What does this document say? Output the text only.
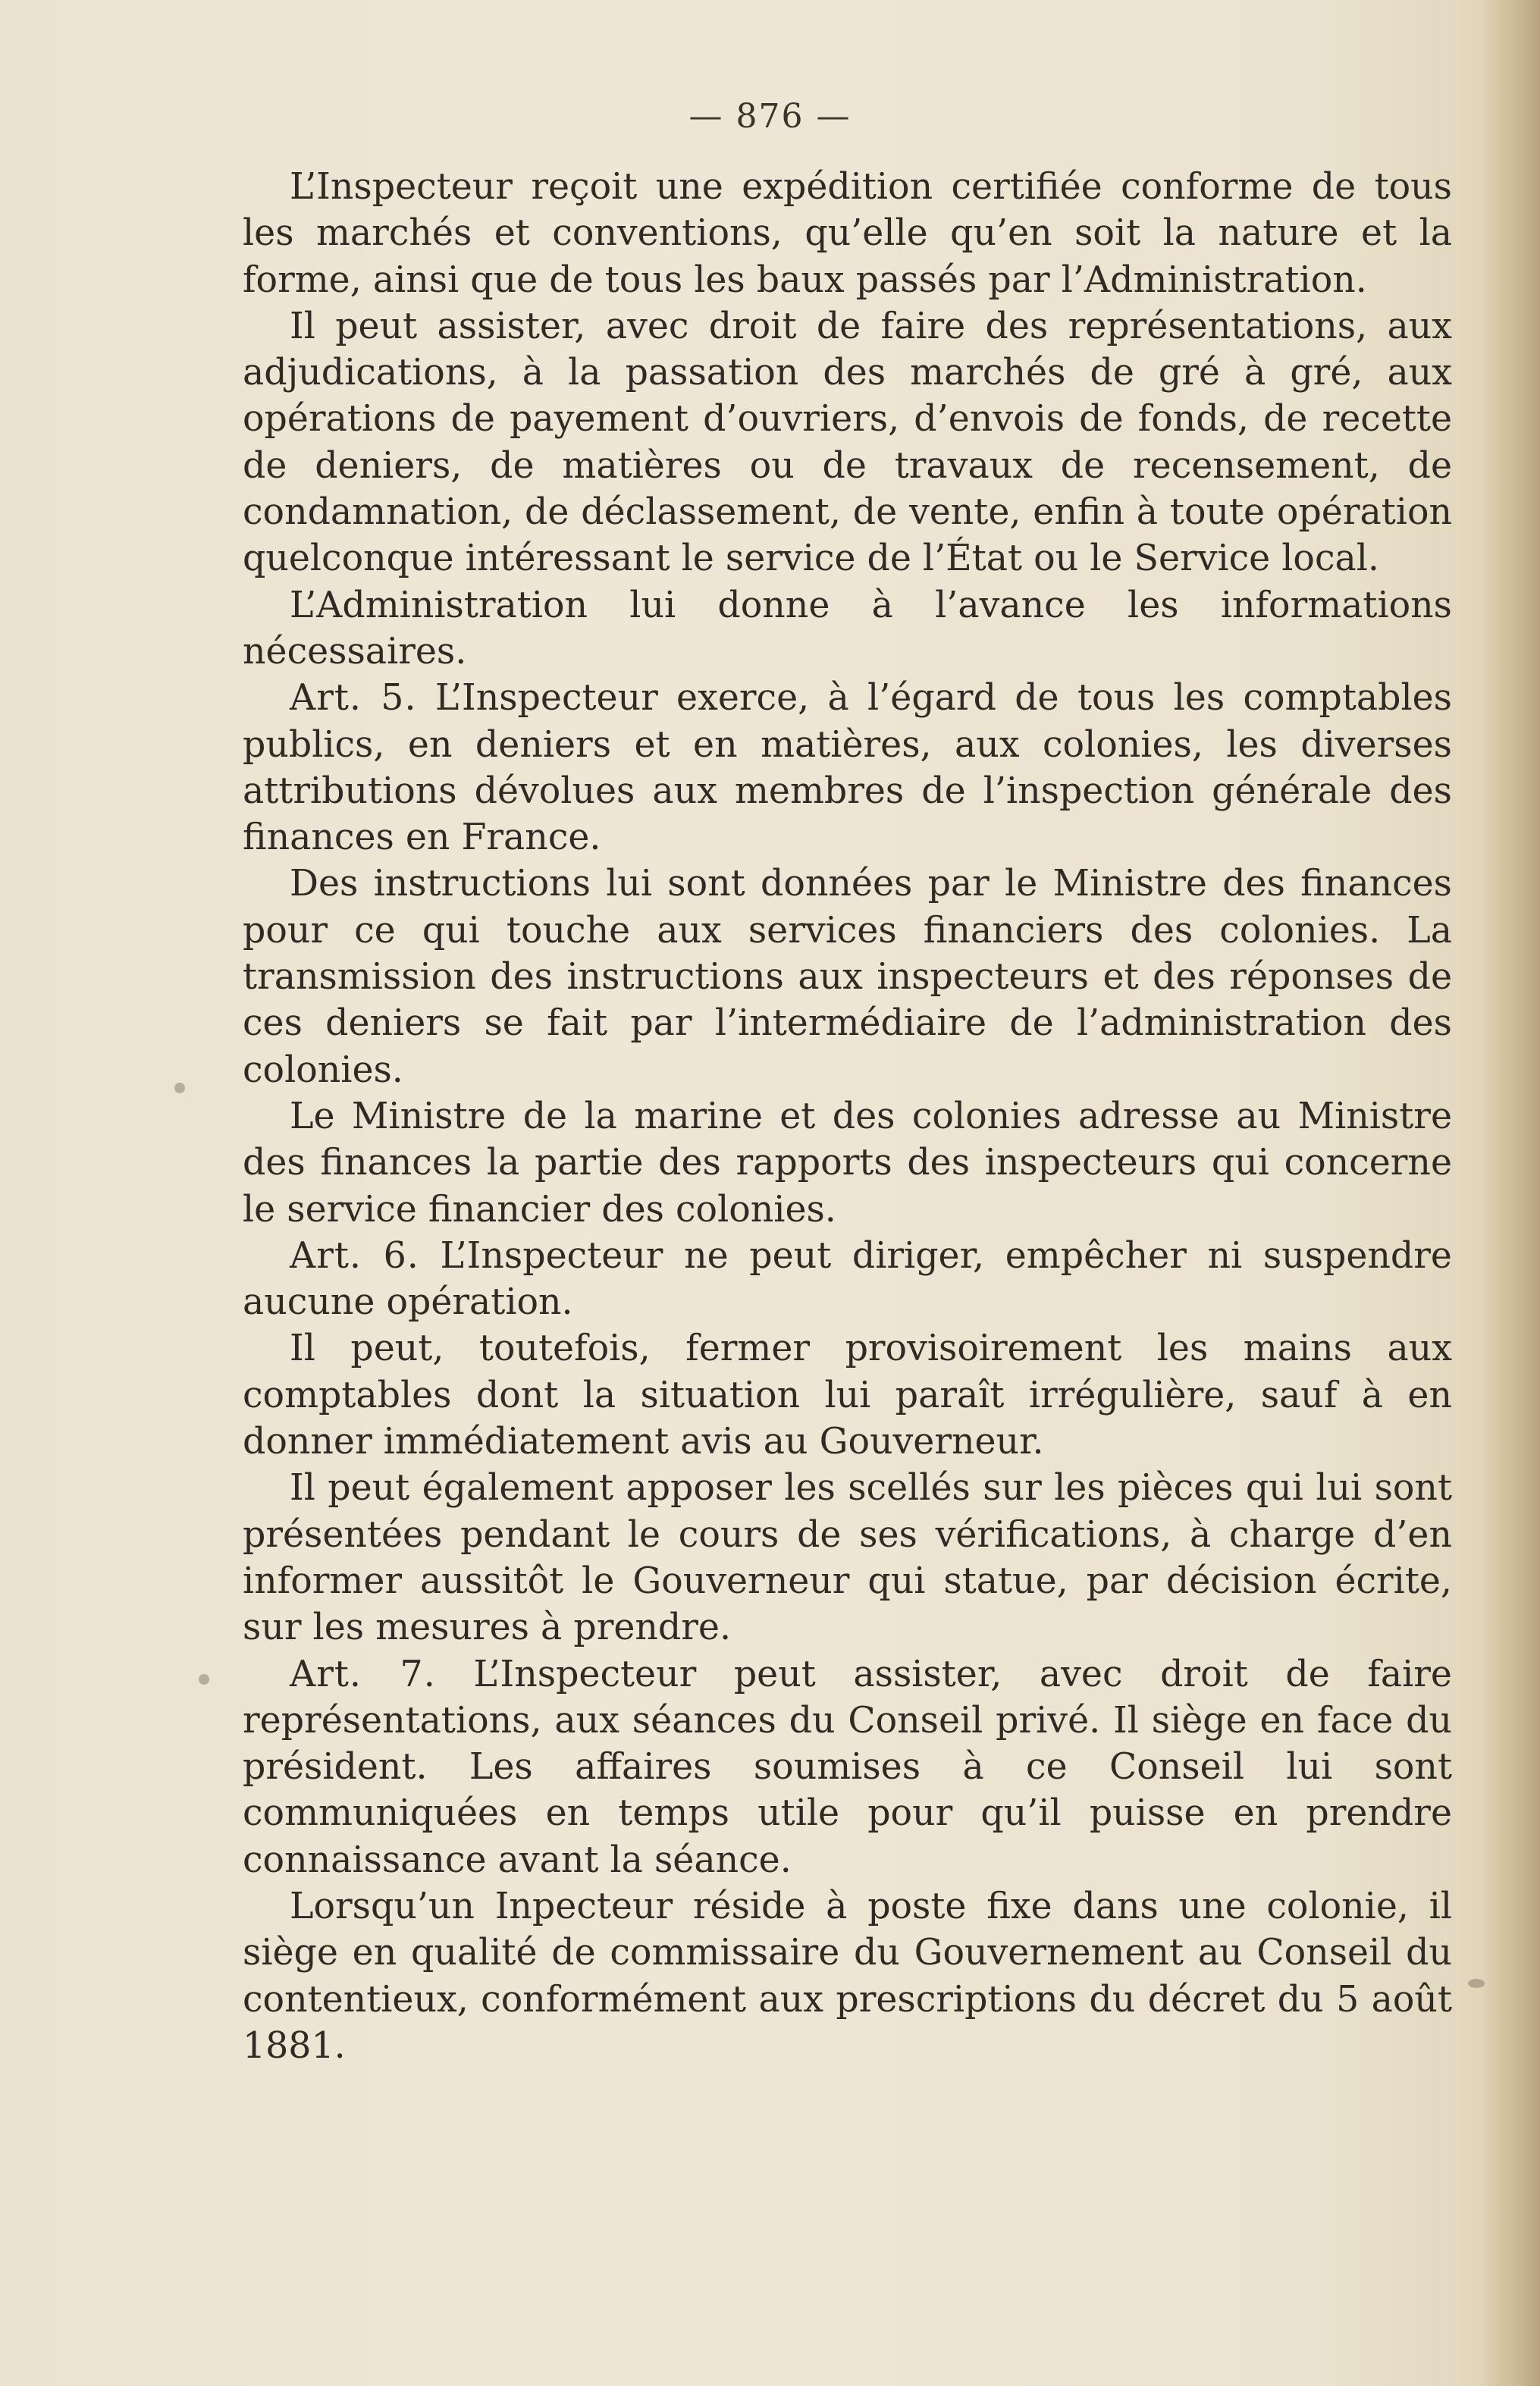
— 876 —

L’Inspecteur reçoit une expédition certifiée conforme de tous les marchés et conventions, qu’elle qu’en soit la nature et la forme, ainsi que de tous les baux passés par l’Administration.

Il peut assister, avec droit de faire des représentations, aux adjudications, à la passation des marchés de gré à gré, aux opérations de payement d’ouvriers, d’envois de fonds, de recette de deniers, de matières ou de travaux de recensement, de condamnation, de déclassement, de vente, enfin à toute opération quelconque intéressant le service de l’État ou le Service local.

L’Administration lui donne à l’avance les informations nécessaires.

Art. 5. L’Inspecteur exerce, à l’égard de tous les comptables publics, en deniers et en matières, aux colonies, les diverses attributions dévolues aux membres de l’inspection générale des finances en France.

Des instructions lui sont données par le Ministre des finances pour ce qui touche aux services financiers des colonies. La transmission des instructions aux inspecteurs et des réponses de ces deniers se fait par l’intermédiaire de l’administration des colonies.

Le Ministre de la marine et des colonies adresse au Ministre des finances la partie des rapports des inspecteurs qui concerne le service financier des colonies.

Art. 6. L’Inspecteur ne peut diriger, empêcher ni suspendre aucune opération.

Il peut, toutefois, fermer provisoirement les mains aux comptables dont la situation lui paraît irrégulière, sauf à en donner immédiatement avis au Gouverneur.

Il peut également apposer les scellés sur les pièces qui lui sont présentées pendant le cours de ses vérifications, à charge d’en informer aussitôt le Gouverneur qui statue, par décision écrite, sur les mesures à prendre.

Art. 7. L’Inspecteur peut assister, avec droit de faire représentations, aux séances du Conseil privé. Il siège en face du président. Les affaires soumises à ce Conseil lui sont communiquées en temps utile pour qu’il puisse en prendre connaissance avant la séance.

Lorsqu’un Inpecteur réside à poste fixe dans une colonie, il siège en qualité de commissaire du Gouvernement au Conseil du contentieux, conformément aux prescriptions du décret du 5 août 1881.
